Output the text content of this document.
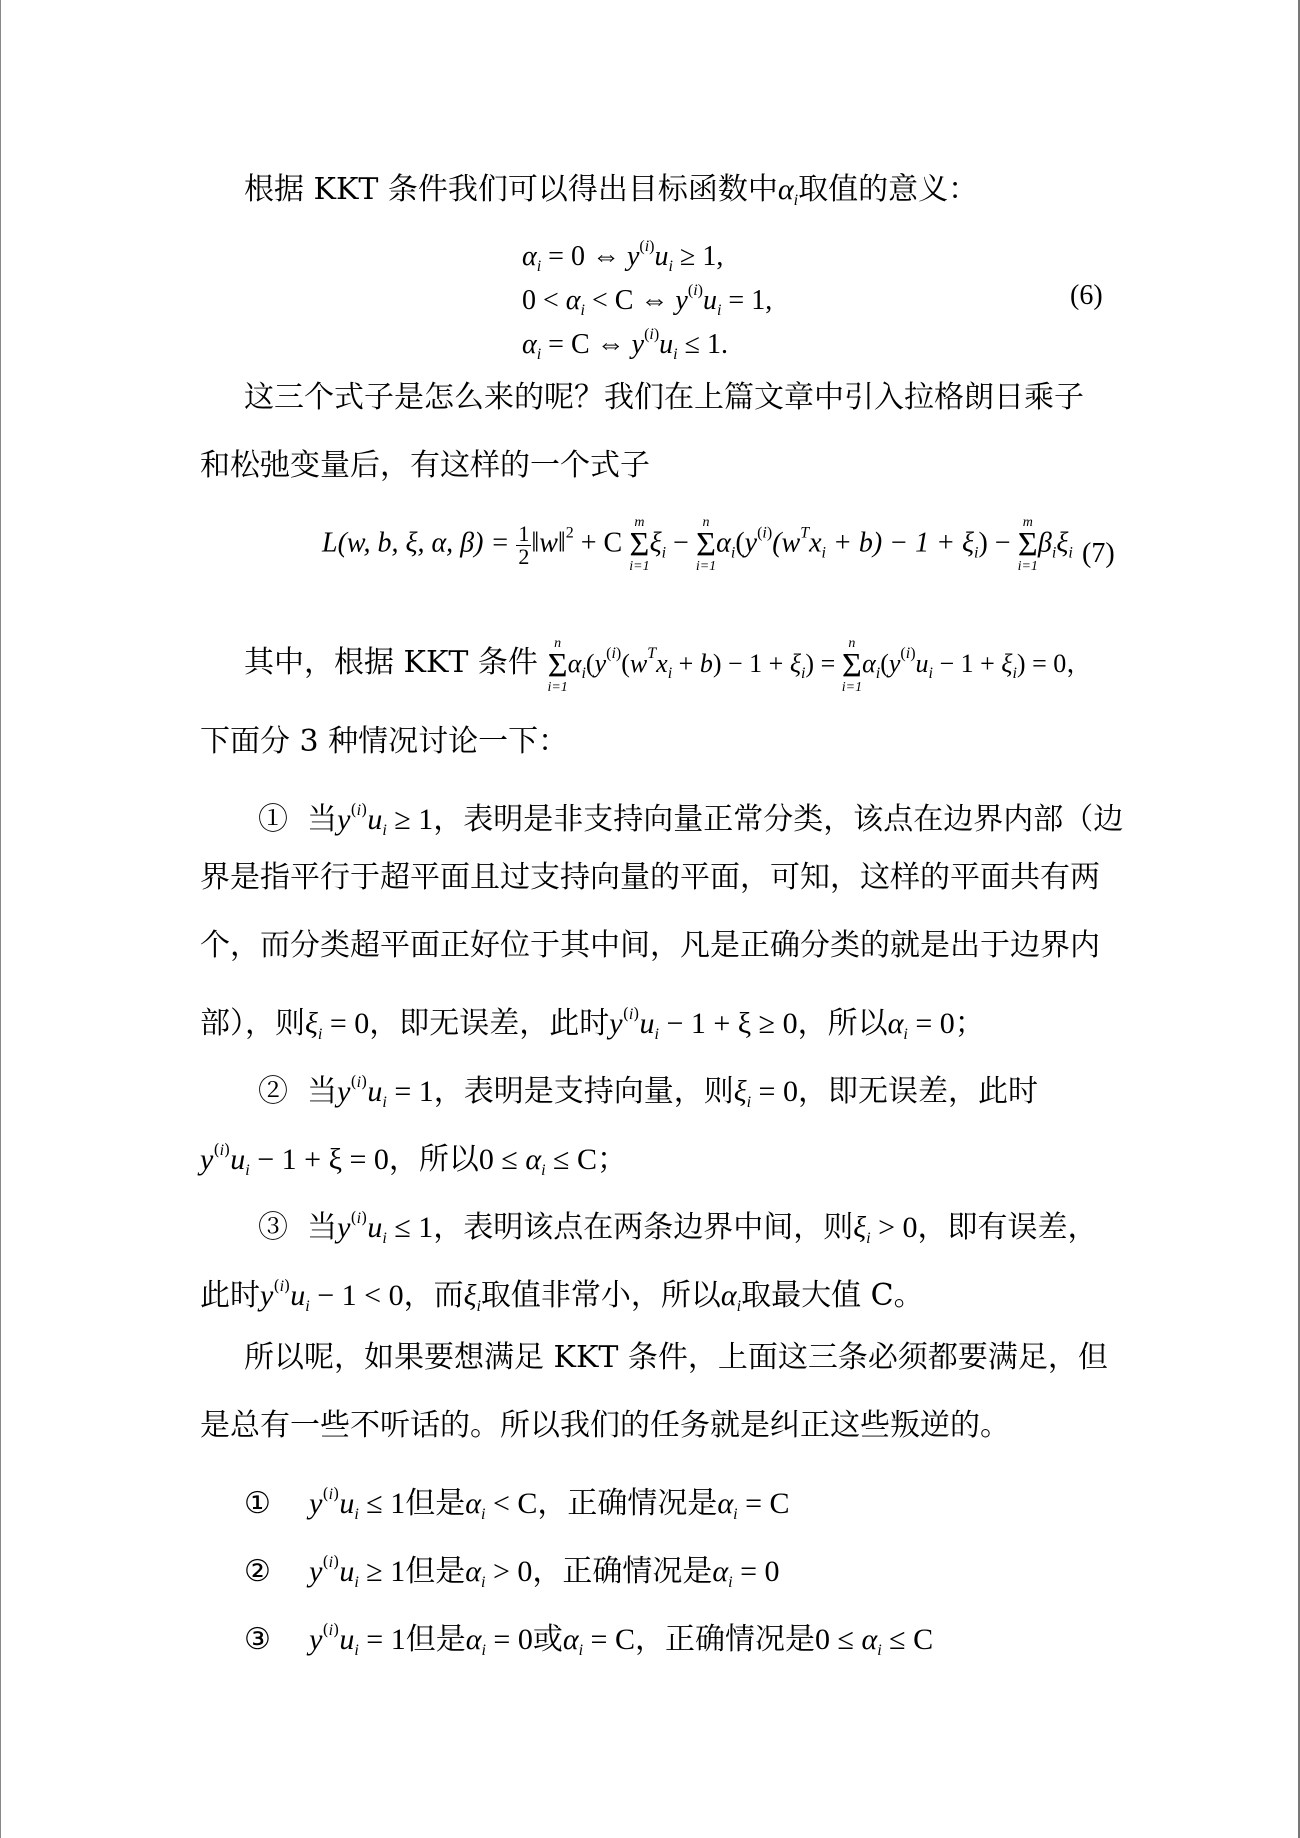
根据 KKT 条件我们可以得出目标函数中$\alpha_i$取值的意义：
$\alpha_i = 0$ ⇔ $y^{(i)}u_i \ge 1$,
$0 < \alpha_i < C$ ⇔ $y^{(i)}u_i = 1$,
$\alpha_i = C$ ⇔ $y^{(i)}u_i \le 1$.
(6)
这三个式子是怎么来的呢？我们在上篇文章中引入拉格朗日乘子
和松弛变量后，有这样的一个式子
L(w, b, ξ, α, $\beta) = \frac{1}{2}$ ‖w‖$^2$ + C
m
Σ
i=1
$\xi_i$ −
n
Σ
i=1
$\alpha_i(y^{(i)}(w^Tx_i + b) - 1 + \xi_i)$ −
m
Σ
i=1
$\beta_i\xi_i$ (7)
其中，根据 KKT 条件
n
Σ
i=1
$\alpha_i(y^{(i)}(w^Tx_i + b) - 1 + \xi_i)$ =
n
Σ
i=1
$\alpha_i(y^{(i)}u_i - 1 + \xi_i) = 0$，
下面分 3 种情况讨论一下：
① 当$y^{(i)}u_i \ge 1$，表明是非支持向量正常分类，该点在边界内部（边
界是指平行于超平面且过支持向量的平面，可知，这样的平面共有两
个，而分类超平面正好位于其中间，凡是正确分类的就是出于边界内
部），则$\xi_i = 0$，即无误差，此时$y^{(i)}u_i - 1 + \xi \ge 0$，所以$\alpha_i = 0$；
② 当$y^{(i)}u_i = 1$，表明是支持向量，则$\xi_i = 0$，即无误差，此时
$y^{(i)}u_i - 1 + \xi = 0$，所以$0 \le \alpha_i \le C$；
③ 当$y^{(i)}u_i \le 1$，表明该点在两条边界中间，则$\xi_i > 0$，即有误差，
此时$y^{(i)}u_i - 1 < 0$，而$\xi_i$取值非常小，所以$\alpha_i$取最大值 C。
所以呢，如果要想满足 KKT 条件，上面这三条必须都要满足，但
是总有一些不听话的。所以我们的任务就是纠正这些叛逆的。
① $y^{(i)}u_i \le 1$但是$\alpha_i < C$，正确情况是$\alpha_i = C$
② $y^{(i)}u_i \ge 1$但是$\alpha_i > 0$，正确情况是$\alpha_i = 0$
③ $y^{(i)}u_i = 1$但是$\alpha_i = 0$或$\alpha_i = C$，正确情况是$0 \le \alpha_i \le C$
